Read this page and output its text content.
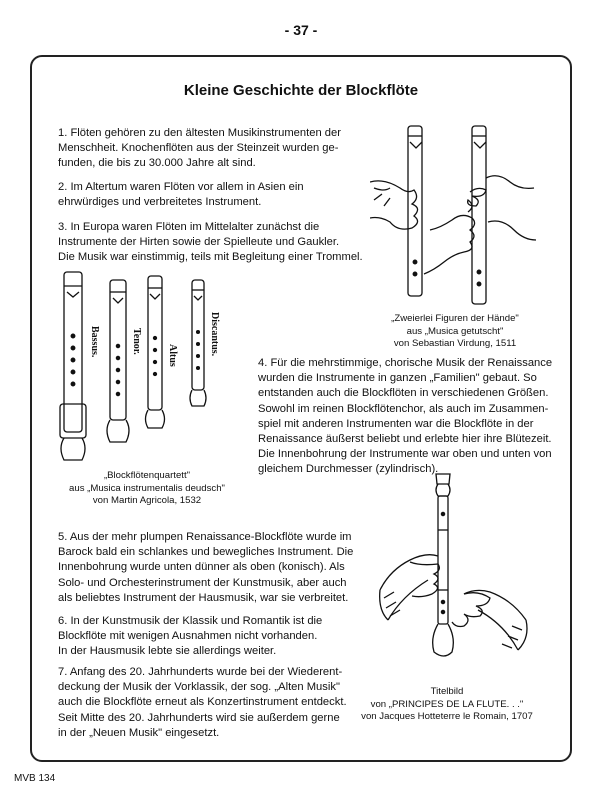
- 37 -
Kleine Geschichte der Blockflöte
1. Flöten gehören zu den ältesten Musikinstrumenten der
Menschheit. Knochenflöten aus der Steinzeit wurden ge-
funden, die bis zu 30.000 Jahre alt sind.
2. Im Altertum waren Flöten vor allem in Asien ein
ehrwürdiges und verbreitetes Instrument.
3. In Europa waren Flöten im Mittelalter zunächst die
Instrumente der Hirten sowie der Spielleute und Gaukler.
Die Musik war einstimmig, teils mit Begleitung einer Trommel.
„Zweierlei Figuren der Hände"
aus „Musica getutscht"
von Sebastian Virdung, 1511
Bassus.	Tenor.
Altus	Discantus.
„Blockflötenquartett"
aus „Musica instrumentalis deudsch"
von Martin Agricola, 1532
4. Für die mehrstimmige, chorische Musik der Renaissance
wurden die Instrumente in ganzen „Familien" gebaut. So
entstanden auch die Blockflöten in verschiedenen Größen.
Sowohl im reinen Blockflötenchor, als auch im Zusammen-
spiel mit anderen Instrumenten war die Blockflöte in der
Renaissance äußerst beliebt und erlebte hier ihre Blütezeit.
Die Innenbohrung der Instrumente war oben und unten von
gleichem Durchmesser (zylindrisch).
5. Aus der mehr plumpen Renaissance-Blockflöte wurde im
Barock bald ein schlankes und bewegliches Instrument. Die
Innenbohrung wurde unten dünner als oben (konisch). Als
Solo- und Orchesterinstrument der Kunstmusik, aber auch
als beliebtes Instrument der Hausmusik, war sie verbreitet.
6. In der Kunstmusik der Klassik und Romantik ist die
Blockflöte mit wenigen Ausnahmen nicht vorhanden.
In der Hausmusik lebte sie allerdings weiter.
7. Anfang des 20. Jahrhunderts wurde bei der Wiederent-
deckung der Musik der Vorklassik, der sog. „Alten Musik"
auch die Blockflöte erneut als Konzertinstrument entdeckt.
Seit Mitte des 20. Jahrhunderts wird sie außerdem gerne
in der „Neuen Musik" eingesetzt.
Titelbild
von „PRINCIPES DE LA FLUTE. . ."
von Jacques Hotteterre le Romain, 1707
MVB 134
